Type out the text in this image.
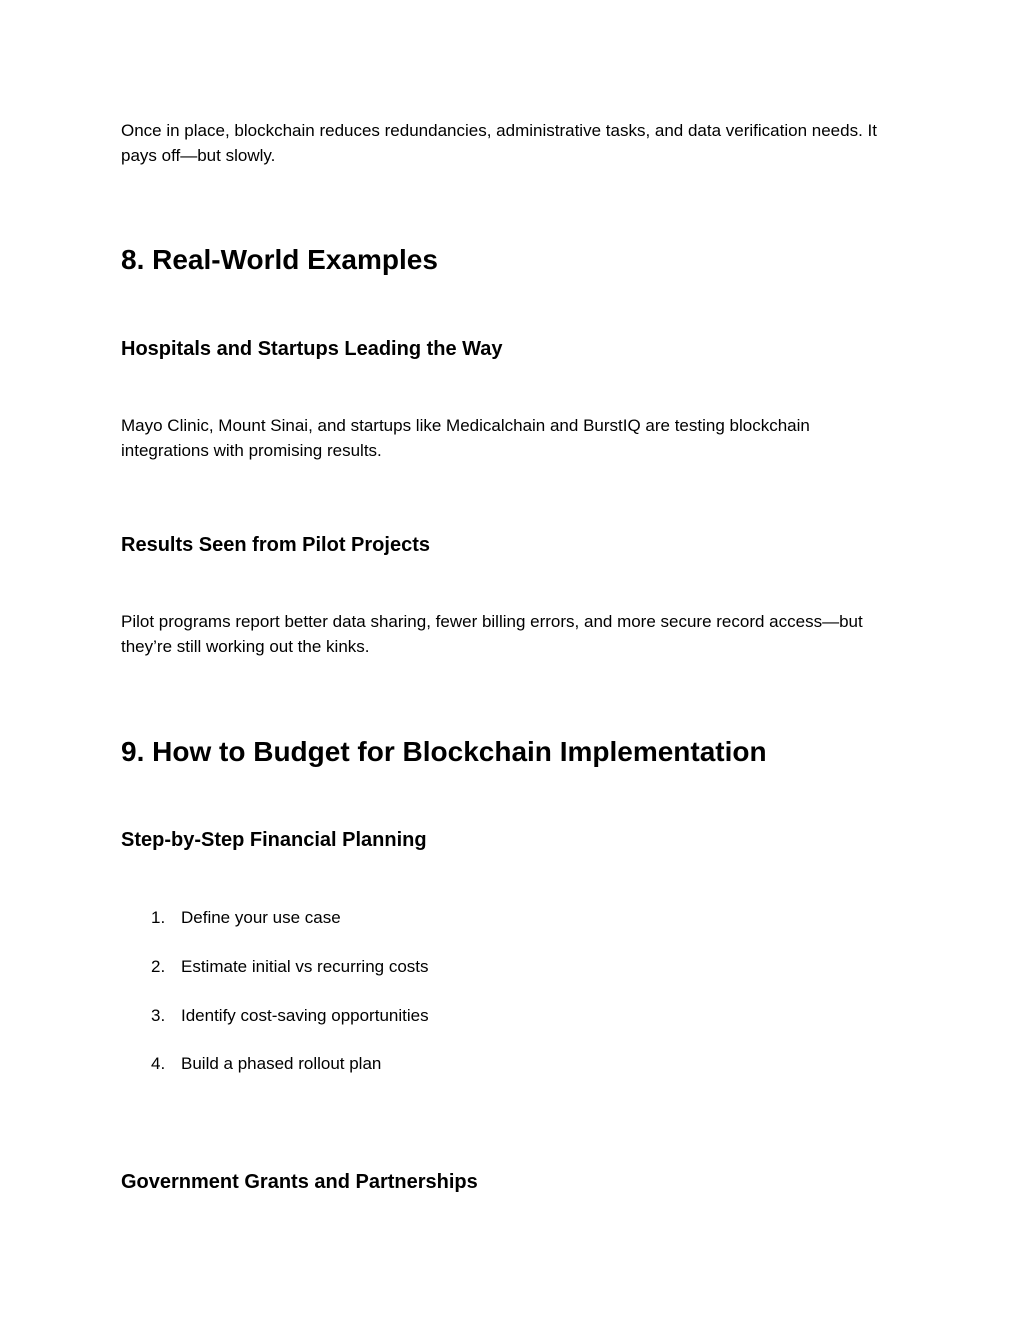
Once in place, blockchain reduces redundancies, administrative tasks, and data verification needs. It pays off—but slowly.

8. Real-World Examples
Hospitals and Startups Leading the Way

Mayo Clinic, Mount Sinai, and startups like Medicalchain and BurstIQ are testing blockchain integrations with promising results.

Results Seen from Pilot Projects

Pilot programs report better data sharing, fewer billing errors, and more secure record access—but they’re still working out the kinks.

9. How to Budget for Blockchain Implementation
Step-by-Step Financial Planning
1. Define your use case
2. Estimate initial vs recurring costs
3. Identify cost-saving opportunities
4. Build a phased rollout plan
Government Grants and Partnerships
